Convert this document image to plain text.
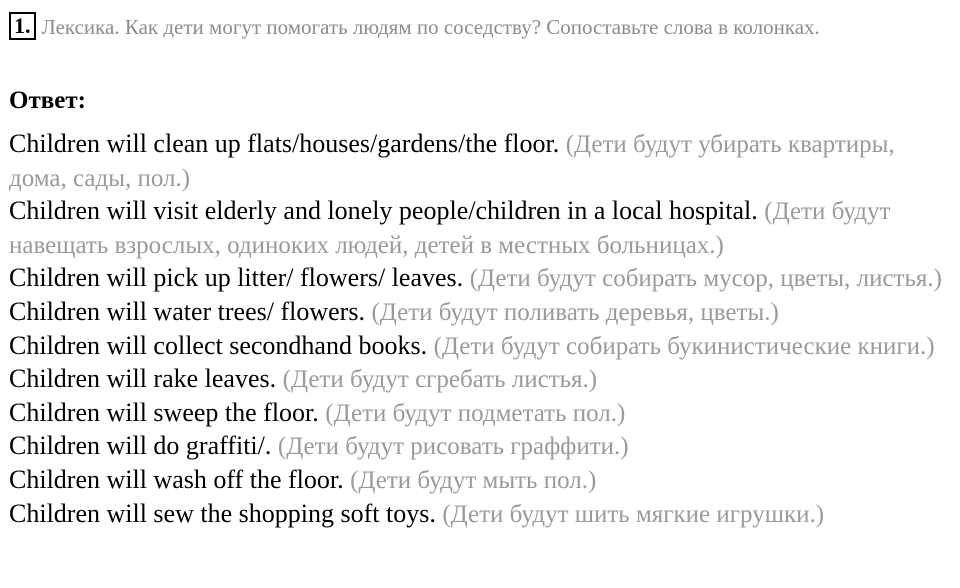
1. Лексика. Как дети могут помогать людям по соседству? Сопоставьте слова в колонках.
Ответ:
Children will clean up flats/houses/gardens/the floor. (Дети будут убирать квартиры, дома, сады, пол.)
Children will visit elderly and lonely people/children in a local hospital. (Дети будут навещать взрослых, одиноких людей, детей в местных больницах.)
Children will pick up litter/ flowers/ leaves. (Дети будут собирать мусор, цветы, листья.)
Children will water trees/ flowers. (Дети будут поливать деревья, цветы.)
Children will collect secondhand books. (Дети будут собирать букинистические книги.)
Children will rake leaves. (Дети будут сгребать листья.)
Children will sweep the floor. (Дети будут подметать пол.)
Children will do graffiti/. (Дети будут рисовать граффити.)
Children will wash off the floor. (Дети будут мыть пол.)
Children will sew the shopping soft toys. (Дети будут шить мягкие игрушки.)
